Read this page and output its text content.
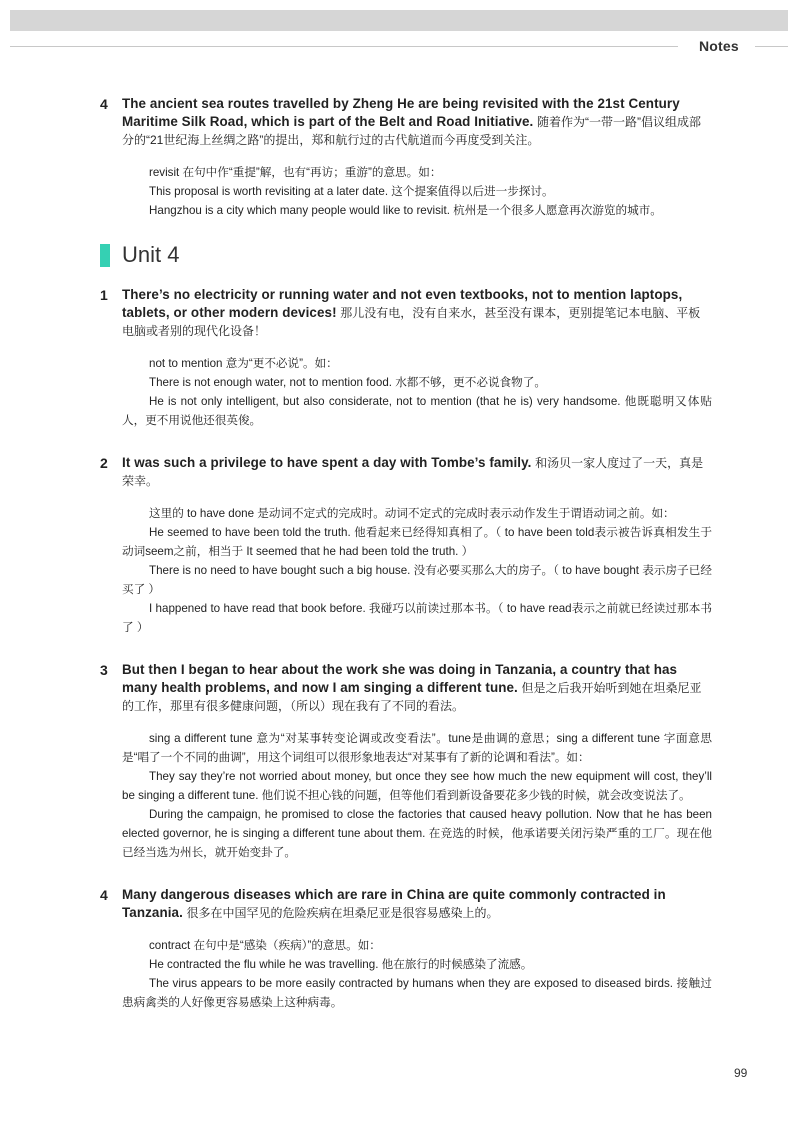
Notes
4 The ancient sea routes travelled by Zheng He are being revisited with the 21st Century Maritime Silk Road, which is part of the Belt and Road Initiative. 随着作为“一带一路”倡议组成部分的“21世纪海上丝绸之路”的提出，郑和航行过的古代航道而今再度受到关注。

revisit 在句中作“重提”解，也有“再访；重游”的意思。如：

This proposal is worth revisiting at a later date. 这个提案值得以后进一步探讨。

Hangzhou is a city which many people would like to revisit. 杭州是一个很多人愿意再次游览的城市。

Unit 4
1 There’s no electricity or running water and not even textbooks, not to mention laptops, tablets, or other modern devices! 那儿没有电，没有自来水，甚至没有课本，更别提笔记本电脑、平板电脑或者别的现代化设备！

not to mention 意为“更不必说”。如：

There is not enough water, not to mention food. 水都不够，更不必说食物了。

He is not only intelligent, but also considerate, not to mention (that he is) very handsome. 他既聪明又体贴人，更不用说他还很英俊。

2 It was such a privilege to have spent a day with Tombe’s family. 和汤贝一家人度过了一天，真是荣幸。

这里的 to have done 是动词不定式的完成时。动词不定式的完成时表示动作发生于谓语动词之前。如：

He seemed to have been told the truth. 他看起来已经得知真相了。（ to have been told表示被告诉真相发生于动词seem之前，相当于 It seemed that he had been told the truth. ）

There is no need to have bought such a big house. 没有必要买那么大的房子。（ to have bought 表示房子已经买了 ）

I happened to have read that book before. 我碰巧以前读过那本书。（ to have read表示之前就已经读过那本书了 ）

3 But then I began to hear about the work she was doing in Tanzania, a country that has many health problems, and now I am singing a different tune. 但是之后我开始听到她在坦桑尼亚的工作，那里有很多健康问题，（所以）现在我有了不同的看法。

sing a different tune 意为“对某事转变论调或改变看法”。tune是曲调的意思；sing a different tune 字面意思是“唱了一个不同的曲调”，用这个词组可以很形象地表达“对某事有了新的论调和看法”。如：

They say they’re not worried about money, but once they see how much the new equipment will cost, they’ll be singing a different tune. 他们说不担心钱的问题，但等他们看到新设备要花多少钱的时候，就会改变说法了。

During the campaign, he promised to close the factories that caused heavy pollution. Now that he has been elected governor, he is singing a different tune about them. 在竞选的时候，他承诺要关闭污染严重的工厂。现在他已经当选为州长，就开始变卦了。

4 Many dangerous diseases which are rare in China are quite commonly contracted in Tanzania. 很多在中国罕见的危险疾病在坦桑尼亚是很容易感染上的。

contract 在句中是“感染（疾病）”的意思。如：

He contracted the flu while he was travelling. 他在旅行的时候感染了流感。

The virus appears to be more easily contracted by humans when they are exposed to diseased birds. 接触过患病禽类的人好像更容易感染上这种病毒。

99
